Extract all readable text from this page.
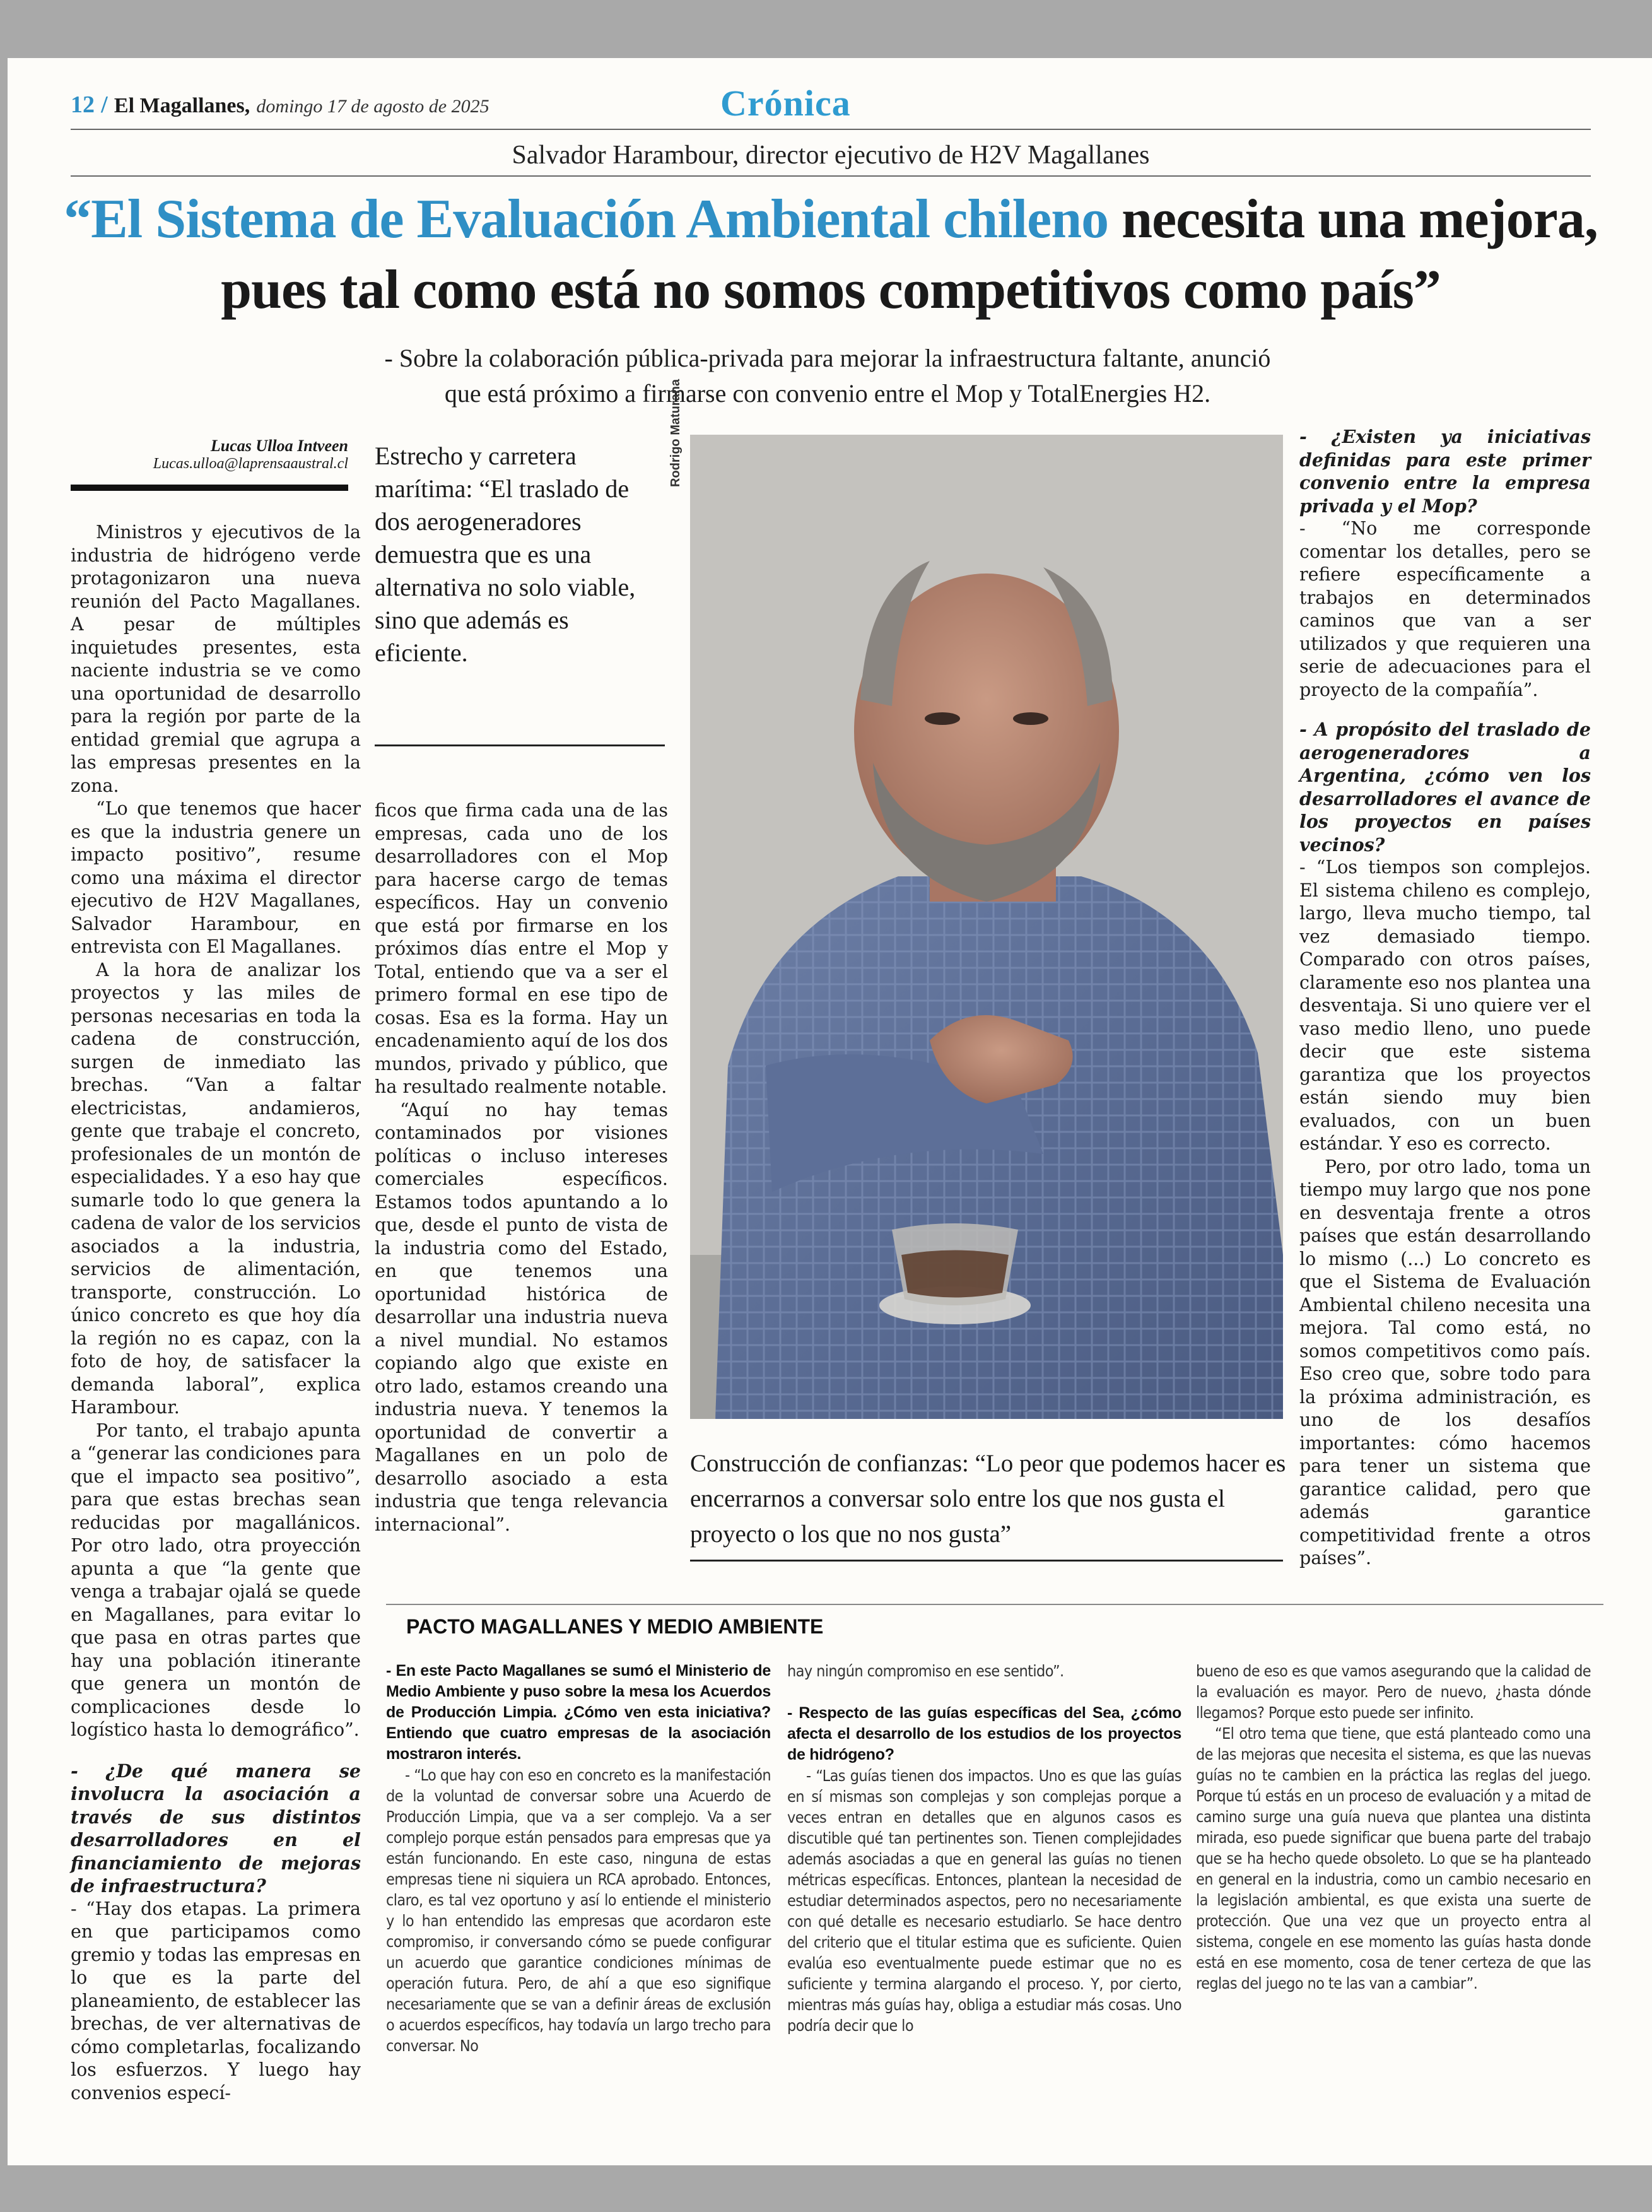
12 / El Magallanes, domingo 17 de agosto de 2025	Crónica
Salvador Harambour, director ejecutivo de H2V Magallanes
“El Sistema de Evaluación Ambiental chileno necesita una mejora, pues tal como está no somos competitivos como país”
- Sobre la colaboración pública-privada para mejorar la infraestructura faltante, anunció
que está próximo a firmarse con convenio entre el Mop y TotalEnergies H2.
Lucas Ulloa Intveen
Lucas.ulloa@laprensaaustral.cl

Ministros y ejecutivos de la industria de hidrógeno verde protagonizaron una nueva reunión del Pacto Magallanes. A pesar de múltiples inquietudes presentes, esta naciente industria se ve como una oportunidad de desarrollo para la región por parte de la entidad gremial que agrupa a las empresas presentes en la zona.

“Lo que tenemos que hacer es que la industria genere un impacto positivo”, resume como una máxima el director ejecutivo de H2V Magallanes, Salvador Harambour, en entrevista con El Magallanes.

A la hora de analizar los proyectos y las miles de personas necesarias en toda la cadena de construcción, surgen de inmediato las brechas. “Van a faltar electricistas, andamieros, gente que trabaje el concreto, profesionales de un montón de especialidades. Y a eso hay que sumarle todo lo que genera la cadena de valor de los servicios asociados a la industria, servicios de alimentación, transporte, construcción. Lo único concreto es que hoy día la región no es capaz, con la foto de hoy, de satisfacer la demanda laboral”, explica Harambour.

Por tanto, el trabajo apunta a “generar las condiciones para que el impacto sea positivo”, para que estas brechas sean reducidas por magallánicos. Por otro lado, otra proyección apunta a que “la gente que venga a trabajar ojalá se quede en Magallanes, para evitar lo que pasa en otras partes que hay una población itinerante que genera un montón de complicaciones desde lo logístico hasta lo demográfico”.

- ¿De qué manera se involucra la asociación a través de sus distintos desarrolladores en el financiamiento de mejoras de infraestructura?

- “Hay dos etapas. La primera en que participamos como gremio y todas las empresas en lo que es la parte del planeamiento, de establecer las brechas, de ver alternativas de cómo completarlas, focalizando los esfuerzos. Y luego hay convenios especí-

Estrecho y carretera marítima: “El traslado de dos aerogeneradores demuestra que es una alternativa no solo viable, sino que además es eficiente.

ficos que firma cada una de las empresas, cada uno de los desarrolladores con el Mop para hacerse cargo de temas específicos. Hay un convenio que está por firmarse en los próximos días entre el Mop y Total, entiendo que va a ser el primero formal en ese tipo de cosas. Esa es la forma. Hay un encadenamiento aquí de los dos mundos, privado y público, que ha resultado realmente notable.

“Aquí no hay temas contaminados por visiones políticas o incluso intereses comerciales específicos. Estamos todos apuntando a lo que, desde el punto de vista de la industria como del Estado, en que tenemos una oportunidad histórica de desarrollar una industria nueva a nivel mundial. No estamos copiando algo que existe en otro lado, estamos creando una industria nueva. Y tenemos la oportunidad de convertir a Magallanes en un polo de desarrollo asociado a esta industria que tenga relevancia internacional”.

Rodrigo Maturana
Construcción de confianzas: “Lo peor que podemos hacer es encerrarnos a conversar solo entre los que nos gusta el proyecto o los que no nos gusta”

- ¿Existen ya iniciativas definidas para este primer convenio entre la empresa privada y el Mop?

- “No me corresponde comentar los detalles, pero se refiere específicamente a trabajos en determinados caminos que van a ser utilizados y que requieren una serie de adecuaciones para el proyecto de la compañía”.

- A propósito del traslado de aerogeneradores a Argentina, ¿cómo ven los desarrolladores el avance de los proyectos en países vecinos?

- “Los tiempos son complejos. El sistema chileno es complejo, largo, lleva mucho tiempo, tal vez demasiado tiempo. Comparado con otros países, claramente eso nos plantea una desventaja. Si uno quiere ver el vaso medio lleno, uno puede decir que este sistema garantiza que los proyectos están siendo muy bien evaluados, con un buen estándar. Y eso es correcto.

Pero, por otro lado, toma un tiempo muy largo que nos pone en desventaja frente a otros países que están desarrollando lo mismo (...) Lo concreto es que el Sistema de Evaluación Ambiental chileno necesita una mejora. Tal como está, no somos competitivos como país. Eso creo que, sobre todo para la próxima administración, es uno de los desafíos importantes: cómo hacemos para tener un sistema que garantice calidad, pero que además garantice competitividad frente a otros países”.

PACTO MAGALLANES Y MEDIO AMBIENTE

- En este Pacto Magallanes se sumó el Ministerio de Medio Ambiente y puso sobre la mesa los Acuerdos de Producción Limpia. ¿Cómo ven esta iniciativa? Entiendo que cuatro empresas de la asociación mostraron interés.

- “Lo que hay con eso en concreto es la manifestación de la voluntad de conversar sobre una Acuerdo de Producción Limpia, que va a ser complejo. Va a ser complejo porque están pensados para empresas que ya están funcionando. En este caso, ninguna de estas empresas tiene ni siquiera un RCA aprobado. Entonces, claro, es tal vez oportuno y así lo entiende el ministerio y lo han entendido las empresas que acordaron este compromiso, ir conversando cómo se puede configurar un acuerdo que garantice condiciones mínimas de operación futura. Pero, de ahí a que eso signifique necesariamente que se van a definir áreas de exclusión o acuerdos específicos, hay todavía un largo trecho para conversar. No

hay ningún compromiso en ese sentido”.

- Respecto de las guías específicas del Sea, ¿cómo afecta el desarrollo de los estudios de los proyectos de hidrógeno?

- “Las guías tienen dos impactos. Uno es que las guías en sí mismas son complejas y son complejas porque a veces entran en detalles que en algunos casos es discutible qué tan pertinentes son. Tienen complejidades además asociadas a que en general las guías no tienen métricas específicas. Entonces, plantean la necesidad de estudiar determinados aspectos, pero no necesariamente con qué detalle es necesario estudiarlo. Se hace dentro del criterio que el titular estima que es suficiente. Quien evalúa eso eventualmente puede estimar que no es suficiente y termina alargando el proceso. Y, por cierto, mientras más guías hay, obliga a estudiar más cosas. Uno podría decir que lo

bueno de eso es que vamos asegurando que la calidad de la evaluación es mayor. Pero de nuevo, ¿hasta dónde llegamos? Porque esto puede ser infinito.

“El otro tema que tiene, que está planteado como una de las mejoras que necesita el sistema, es que las nuevas guías no te cambien en la práctica las reglas del juego. Porque tú estás en un proceso de evaluación y a mitad de camino surge una guía nueva que plantea una distinta mirada, eso puede significar que buena parte del trabajo que se ha hecho quede obsoleto. Lo que se ha planteado en general en la industria, como un cambio necesario en la legislación ambiental, es que exista una suerte de protección. Que una vez que un proyecto entra al sistema, congele en ese momento las guías hasta donde está en ese momento, cosa de tener certeza de que las reglas del juego no te las van a cambiar”.
